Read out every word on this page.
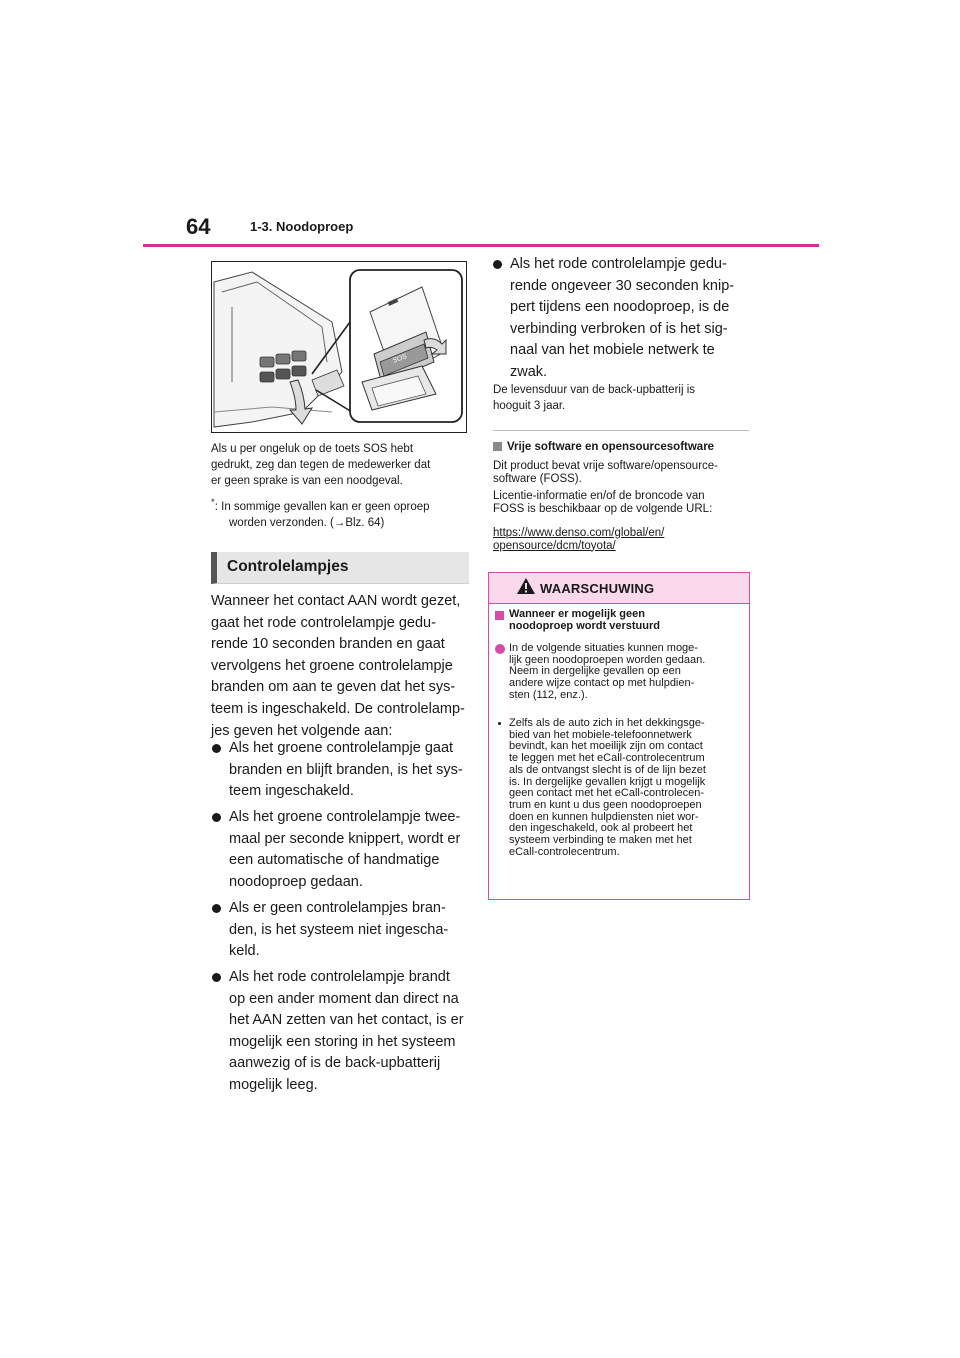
64	1-3. Noodoproep
SOS
Als u per ongeluk op de toets SOS hebt
gedrukt, zeg dan tegen de medewerker dat
er geen sprake is van een noodgeval.
*: In sommige gevallen kan er geen oproep
worden verzonden. (→Blz. 64)
Controlelampjes
Wanneer het contact AAN wordt gezet,
gaat het rode controlelampje gedu-
rende 10 seconden branden en gaat
vervolgens het groene controlelampje
branden om aan te geven dat het sys-
teem is ingeschakeld. De controlelamp-
jes geven het volgende aan:
Als het groene controlelampje gaat
branden en blijft branden, is het sys-
teem ingeschakeld.
Als het groene controlelampje twee-
maal per seconde knippert, wordt er
een automatische of handmatige
noodoproep gedaan.
Als er geen controlelampjes bran-
den, is het systeem niet ingescha-
keld.
Als het rode controlelampje brandt
op een ander moment dan direct na
het AAN zetten van het contact, is er
mogelijk een storing in het systeem
aanwezig of is de back-upbatterij
mogelijk leeg.
Als het rode controlelampje gedu-
rende ongeveer 30 seconden knip-
pert tijdens een noodoproep, is de
verbinding verbroken of is het sig-
naal van het mobiele netwerk te
zwak.
De levensduur van de back-upbatterij is
hooguit 3 jaar.
Vrije software en opensourcesoftware
Dit product bevat vrije software/opensource-
software (FOSS).
Licentie-informatie en/of de broncode van
FOSS is beschikbaar op de volgende URL:
https://www.denso.com/global/en/
opensource/dcm/toyota/
WAARSCHUWING
Wanneer er mogelijk geen
noodoproep wordt verstuurd
In de volgende situaties kunnen moge-
lijk geen noodoproepen worden gedaan.
Neem in dergelijke gevallen op een
andere wijze contact op met hulpdien-
sten (112, enz.).
Zelfs als de auto zich in het dekkingsge-
bied van het mobiele-telefoonnetwerk
bevindt, kan het moeilijk zijn om contact
te leggen met het eCall-controlecentrum
als de ontvangst slecht is of de lijn bezet
is. In dergelijke gevallen krijgt u mogelijk
geen contact met het eCall-controlecen-
trum en kunt u dus geen noodoproepen
doen en kunnen hulpdiensten niet wor-
den ingeschakeld, ook al probeert het
systeem verbinding te maken met het
eCall-controlecentrum.
